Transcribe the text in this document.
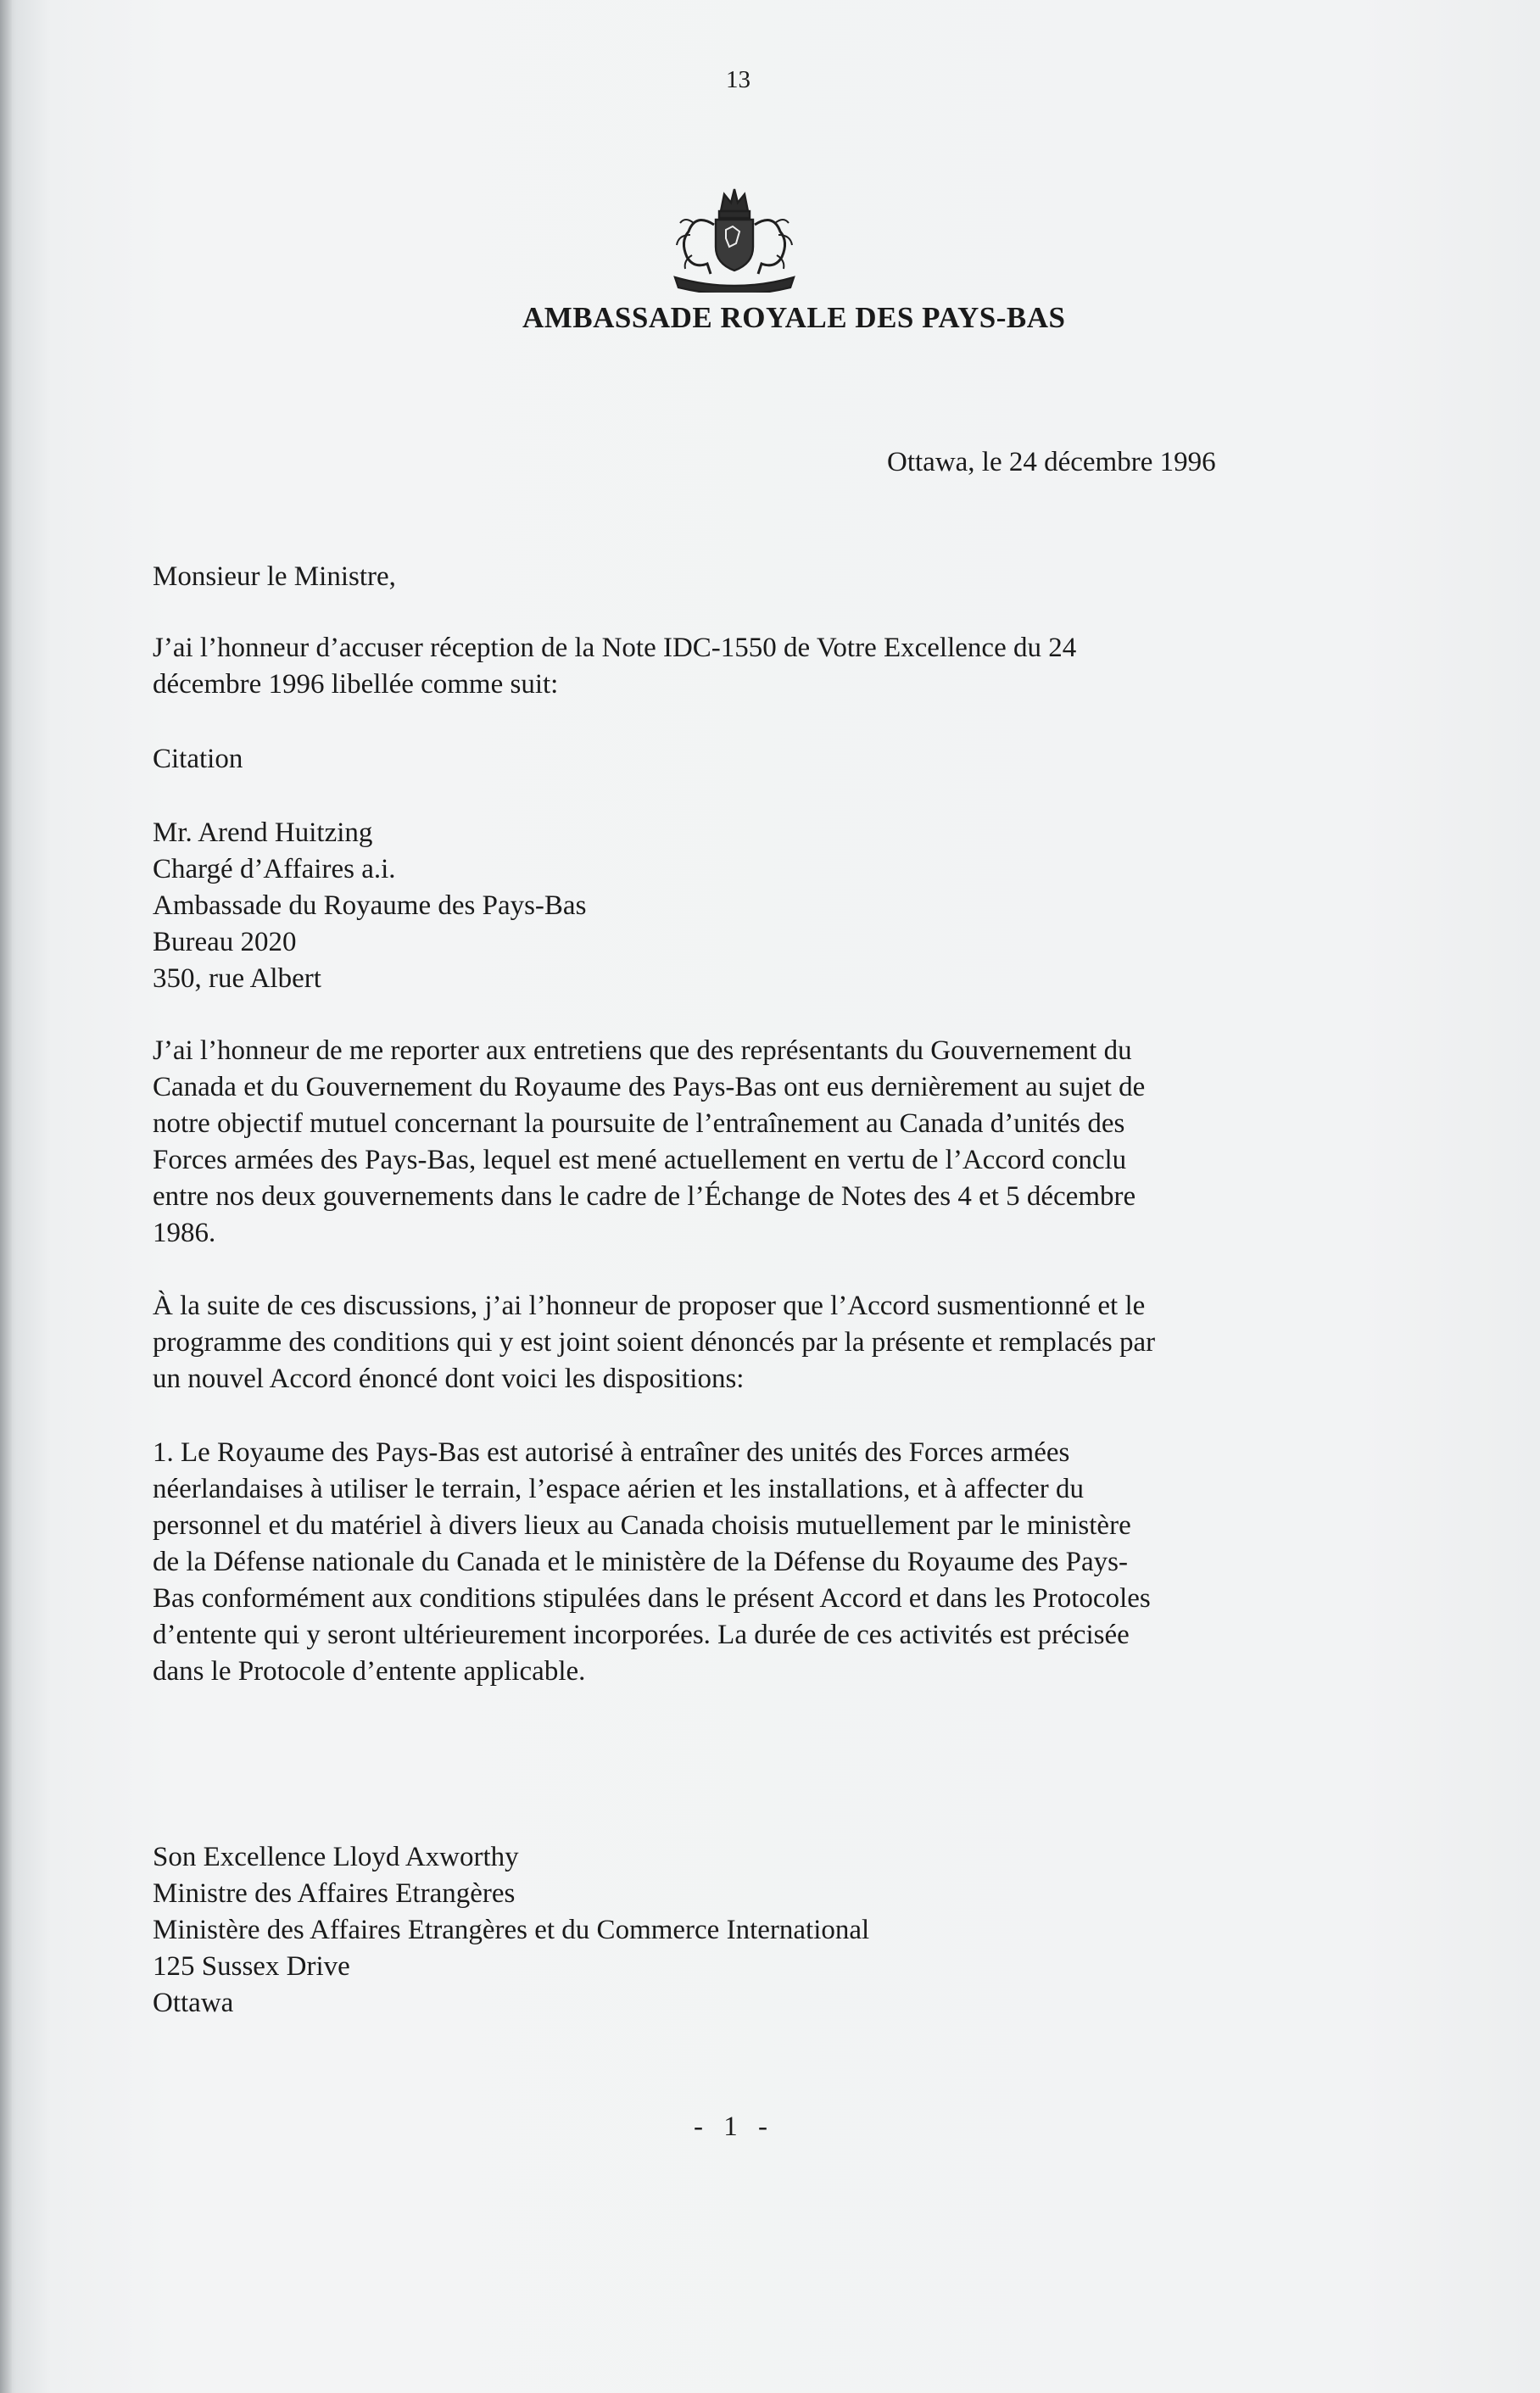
13
AMBASSADE ROYALE DES PAYS-BAS
Ottawa, le 24 décembre 1996
Monsieur le Ministre,
J’ai l’honneur d’accuser réception de la Note IDC-1550 de Votre Excellence du 24
décembre 1996 libellée comme suit:
Citation
Mr. Arend Huitzing
Chargé d’Affaires a.i.
Ambassade du Royaume des Pays-Bas
Bureau 2020
350, rue Albert
J’ai l’honneur de me reporter aux entretiens que des représentants du Gouvernement du
Canada et du Gouvernement du Royaume des Pays-Bas ont eus dernièrement au sujet de
notre objectif mutuel concernant la poursuite de l’entraînement au Canada d’unités des
Forces armées des Pays-Bas, lequel est mené actuellement en vertu de l’Accord conclu
entre nos deux gouvernements dans le cadre de l’Échange de Notes des 4 et 5 décembre
1986.
À la suite de ces discussions, j’ai l’honneur de proposer que l’Accord susmentionné et le
programme des conditions qui y est joint soient dénoncés par la présente et remplacés par
un nouvel Accord énoncé dont voici les dispositions:
1. Le Royaume des Pays-Bas est autorisé à entraîner des unités des Forces armées
néerlandaises à utiliser le terrain, l’espace aérien et les installations, et à affecter du
personnel et du matériel à divers lieux au Canada choisis mutuellement par le ministère
de la Défense nationale du Canada et le ministère de la Défense du Royaume des Pays-
Bas conformément aux conditions stipulées dans le présent Accord et dans les Protocoles
d’entente qui y seront ultérieurement incorporées. La durée de ces activités est précisée
dans le Protocole d’entente applicable.
Son Excellence Lloyd Axworthy
Ministre des Affaires Etrangères
Ministère des Affaires Etrangères et du Commerce International
125 Sussex Drive
Ottawa
- 1 -
